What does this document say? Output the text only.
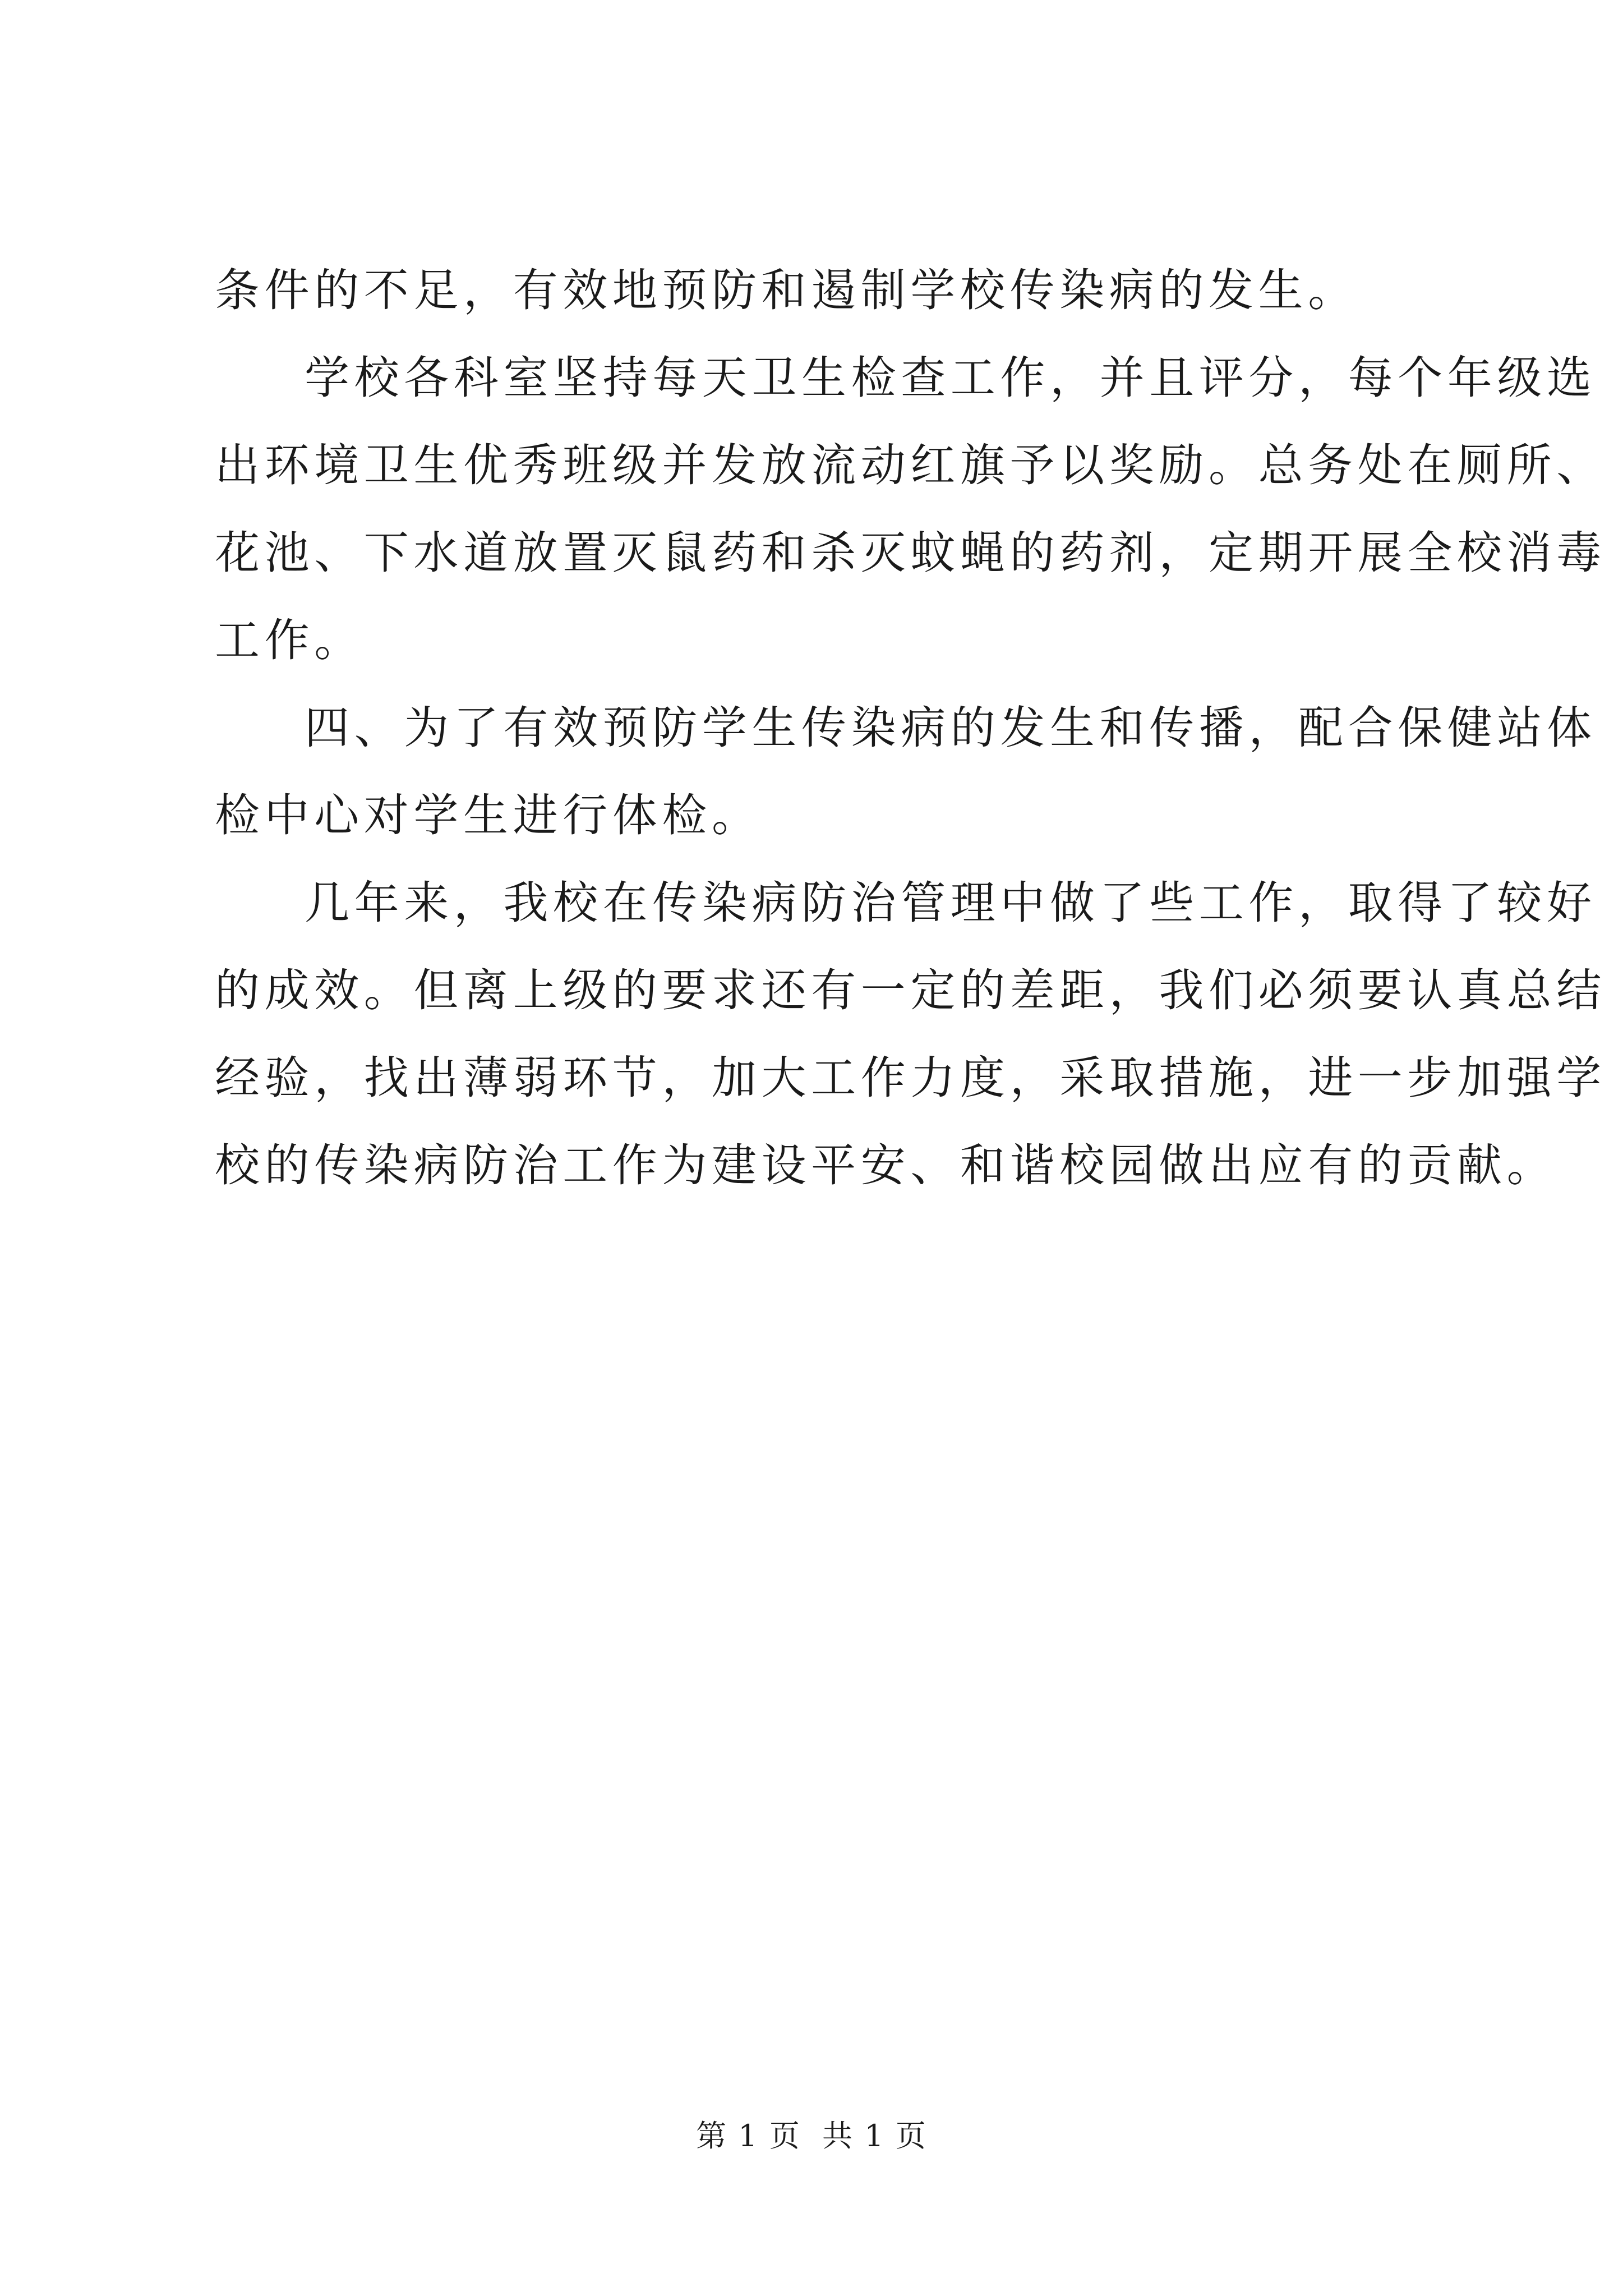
条件的不足，有效地预防和遏制学校传染病的发生。
学校各科室坚持每天卫生检查工作，并且评分，每个年级选
出环境卫生优秀班级并发放流动红旗予以奖励。总务处在厕所、
花池、下水道放置灭鼠药和杀灭蚊蝇的药剂，定期开展全校消毒
工作。
四、为了有效预防学生传染病的发生和传播，配合保健站体
检中心对学生进行体检。
几年来，我校在传染病防治管理中做了些工作，取得了较好
的成效。但离上级的要求还有一定的差距，我们必须要认真总结
经验，找出薄弱环节，加大工作力度，采取措施，进一步加强学
校的传染病防治工作为建设平安、和谐校园做出应有的贡献。
第 1 页  共 1 页
